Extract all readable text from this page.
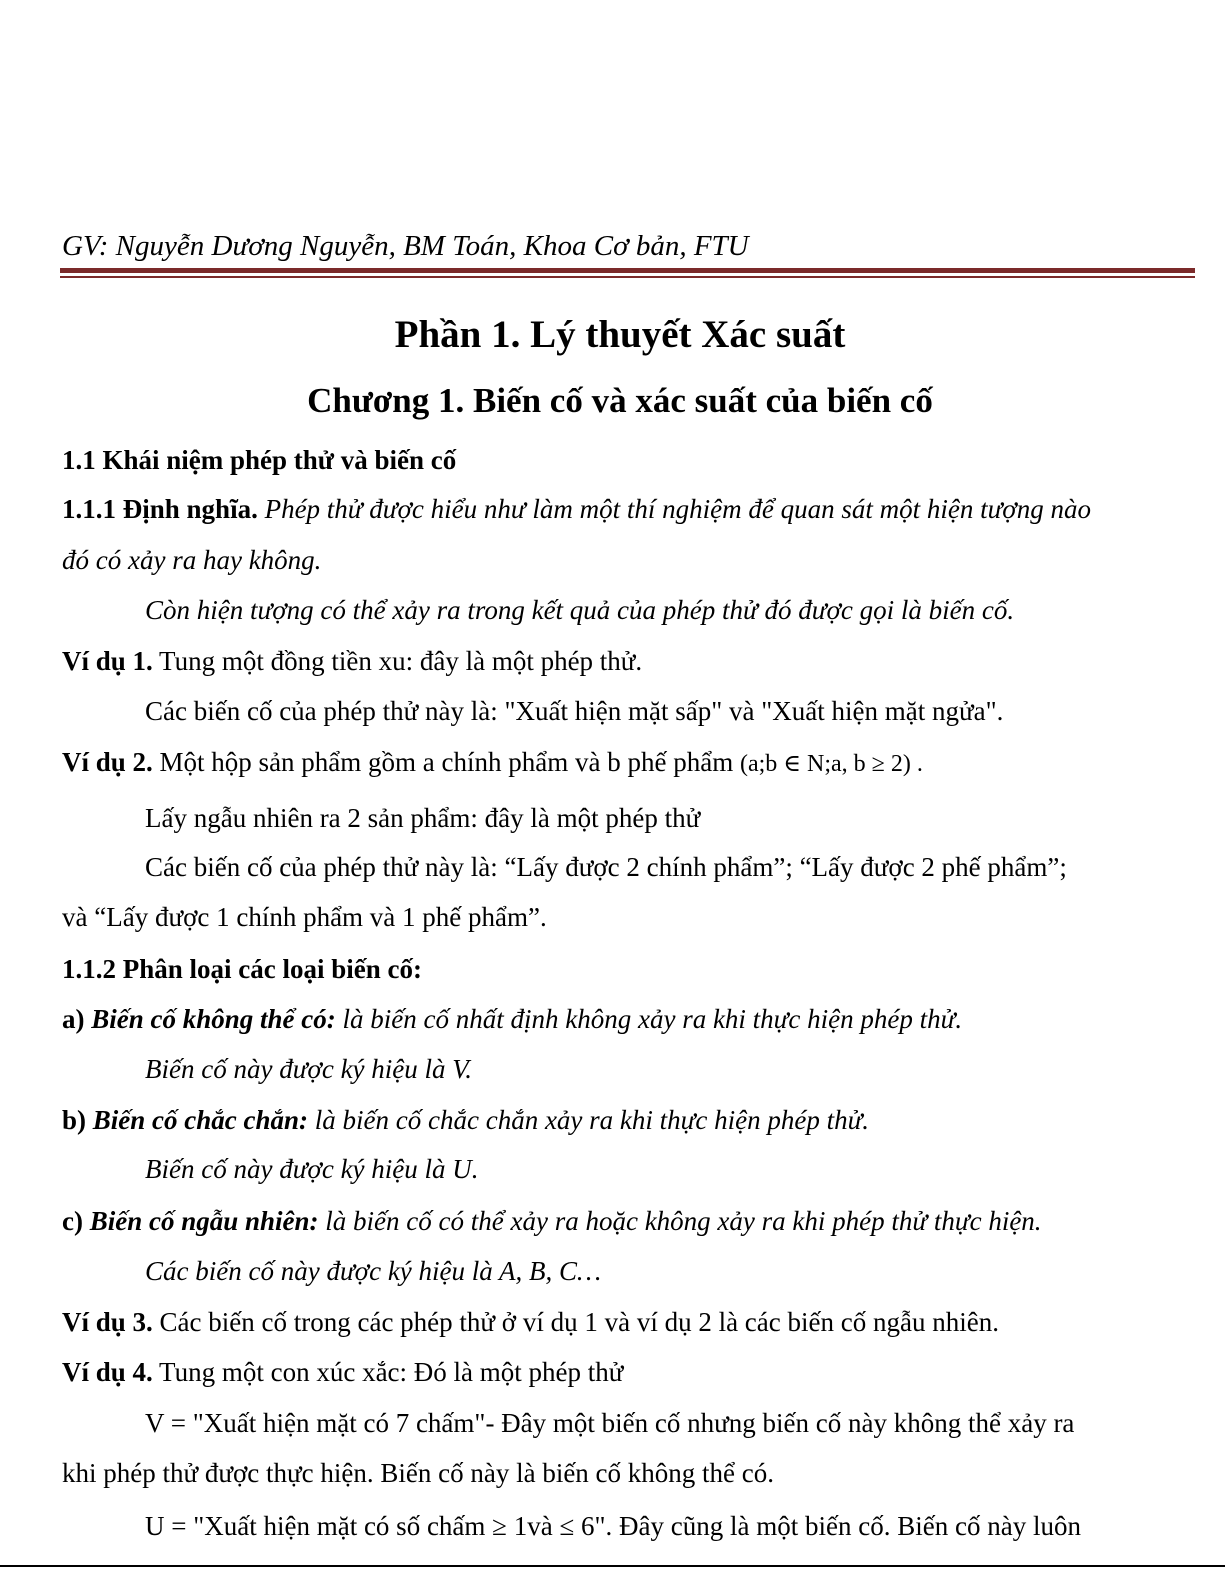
GV: Nguyễn Dương Nguyễn, BM Toán, Khoa Cơ bản, FTU
Phần 1. Lý thuyết Xác suất
Chương 1. Biến cố và xác suất của biến cố
1.1 Khái niệm phép thử và biến cố
1.1.1 Định nghĩa. Phép thử được hiểu như làm một thí nghiệm để quan sát một hiện tượng nào
đó có xảy ra hay không.
Còn hiện tượng có thể xảy ra trong kết quả của phép thử đó được gọi là biến cố.
Ví dụ 1. Tung một đồng tiền xu: đây là một phép thử.
Các biến cố của phép thử này là: "Xuất hiện mặt sấp" và "Xuất hiện mặt ngửa".
Ví dụ 2. Một hộp sản phẩm gồm a chính phẩm và b phế phẩm (a;b ∈ N;a, b ≥ 2) .
Lấy ngẫu nhiên ra 2 sản phẩm: đây là một phép thử
Các biến cố của phép thử này là: “Lấy được 2 chính phẩm”; “Lấy được 2 phế phẩm”;
và “Lấy được 1 chính phẩm và 1 phế phẩm”.
1.1.2 Phân loại các loại biến cố:
a) Biến cố không thể có: là biến cố nhất định không xảy ra khi thực hiện phép thử.
Biến cố này được ký hiệu là V.
b) Biến cố chắc chắn: là biến cố chắc chắn xảy ra khi thực hiện phép thử.
Biến cố này được ký hiệu là U.
c) Biến cố ngẫu nhiên: là biến cố có thể xảy ra hoặc không xảy ra khi phép thử thực hiện.
Các biến cố này được ký hiệu là A, B, C…
Ví dụ 3. Các biến cố trong các phép thử ở ví dụ 1 và ví dụ 2 là các biến cố ngẫu nhiên.
Ví dụ 4. Tung một con xúc xắc: Đó là một phép thử
V = "Xuất hiện mặt có 7 chấm"- Đây một biến cố nhưng biến cố này không thể xảy ra
khi phép thử được thực hiện. Biến cố này là biến cố không thể có.
U = "Xuất hiện mặt có số chấm ≥ 1và ≤ 6". Đây cũng là một biến cố. Biến cố này luôn
